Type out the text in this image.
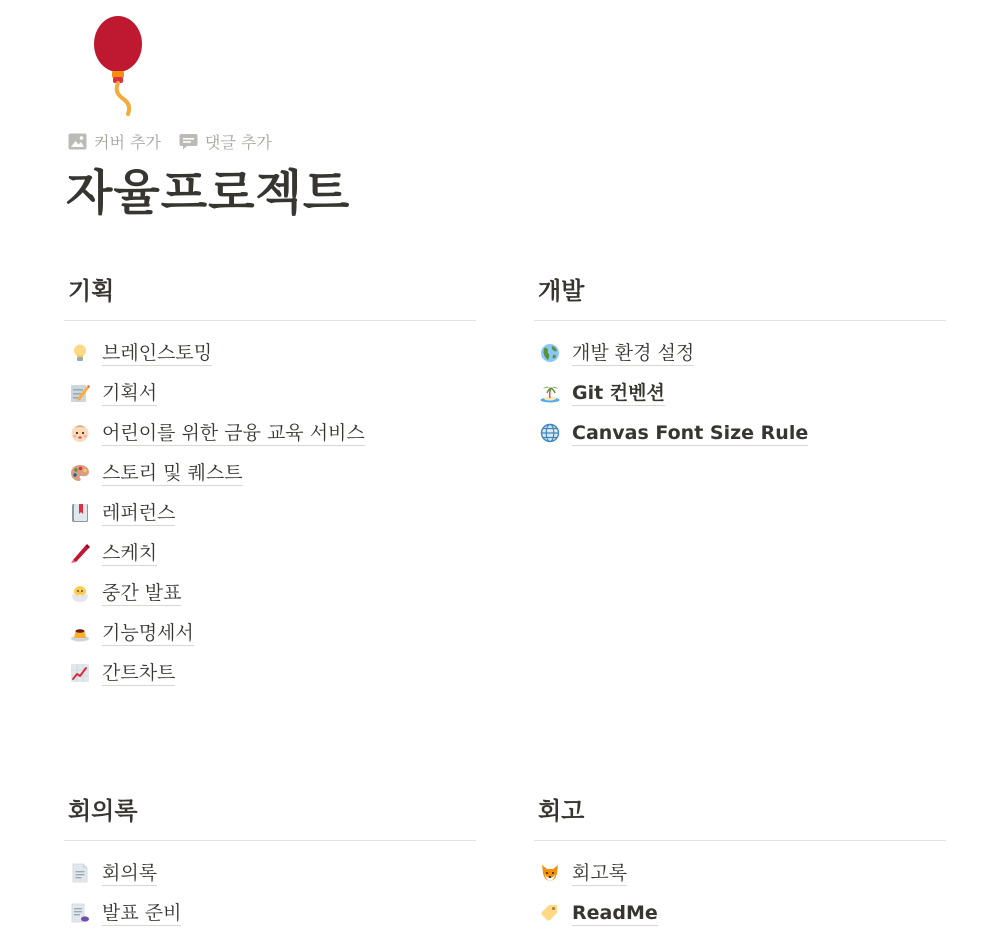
커버 추가	댓글 추가
자율프로젝트
기획
브레인스토밍
기획서
어린이를 위한 금융 교육 서비스
스토리 및 퀘스트
레퍼런스
스케치
중간 발표
기능명세서
간트차트
개발
개발 환경 설정
Git 컨벤션
Canvas Font Size Rule
회의록
회의록
발표 준비
회고
회고록
ReadMe
